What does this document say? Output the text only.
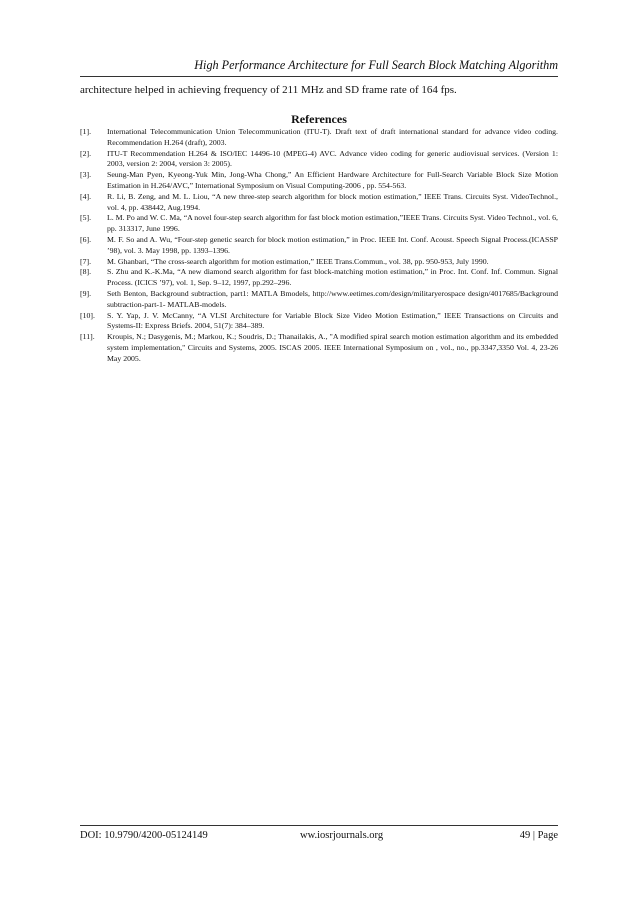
High Performance Architecture for Full Search Block Matching Algorithm
architecture helped in achieving frequency of 211 MHz and SD frame rate of 164 fps.
References
[1].	International Telecommunication Union Telecommunication (ITU-T). Draft text of draft international standard for advance video coding. Recommendation H.264 (draft), 2003.
[2].	ITU-T Recommendation H.264 & ISO/IEC 14496-10 (MPEG-4) AVC. Advance video coding for generic audiovisual services. (Version 1: 2003, version 2: 2004, version 3: 2005).
[3].	Seung-Man Pyen, Kyeong-Yuk Min, Jong-Wha Chong,” An Efficient Hardware Architecture for Full-Search Variable Block Size Motion Estimation in H.264/AVC,” International Symposium on Visual Computing-2006 , pp. 554-563.
[4].	R. Li, B. Zeng, and M. L. Liou, “A new three-step search algorithm for block motion estimation,” IEEE Trans. Circuits Syst. VideoTechnol., vol. 4, pp. 438442, Aug.1994.
[5].	L. M. Po and W. C. Ma, “A novel four-step search algorithm for fast block motion estimation,”IEEE Trans. Circuits Syst. Video Technol., vol. 6, pp. 313317, June 1996.
[6].	M. F. So and A. Wu, “Four-step genetic search for block motion estimation,” in Proc. IEEE Int. Conf. Acoust. Speech Signal Process.(ICASSP ’98), vol. 3. May 1998, pp. 1393–1396.
[7].	M. Ghanbari, “The cross-search algorithm for motion estimation,” IEEE Trans.Commun., vol. 38, pp. 950-953, July 1990.
[8].	S. Zhu and K.-K.Ma, “A new diamond search algorithm for fast block-matching motion estimation,” in Proc. Int. Conf. Inf. Commun. Signal Process. (ICICS ’97), vol. 1, Sep. 9–12, 1997, pp.292–296.
[9].	Seth Benton, Background subtraction, part1: MATLA Bmodels, http://www.eetimes.com/design/militaryerospace design/4017685/Background subtraction-part-1- MATLAB-models.
[10].	S. Y. Yap, J. V. McCanny, “A VLSI Architecture for Variable Block Size Video Motion Estimation,” IEEE Transactions on Circuits and Systems-II: Express Briefs. 2004, 51(7): 384–389.
[11].	Kroupis, N.; Dasygenis, M.; Markou, K.; Soudris, D.; Thanailakis, A., "A modified spiral search motion estimation algorithm and its embedded system implementation," Circuits and Systems, 2005. ISCAS 2005. IEEE International Symposium on , vol., no., pp.3347,3350 Vol. 4, 23-26 May 2005.
DOI: 10.9790/4200-05124149	ww.iosrjournals.org	49 | Page
